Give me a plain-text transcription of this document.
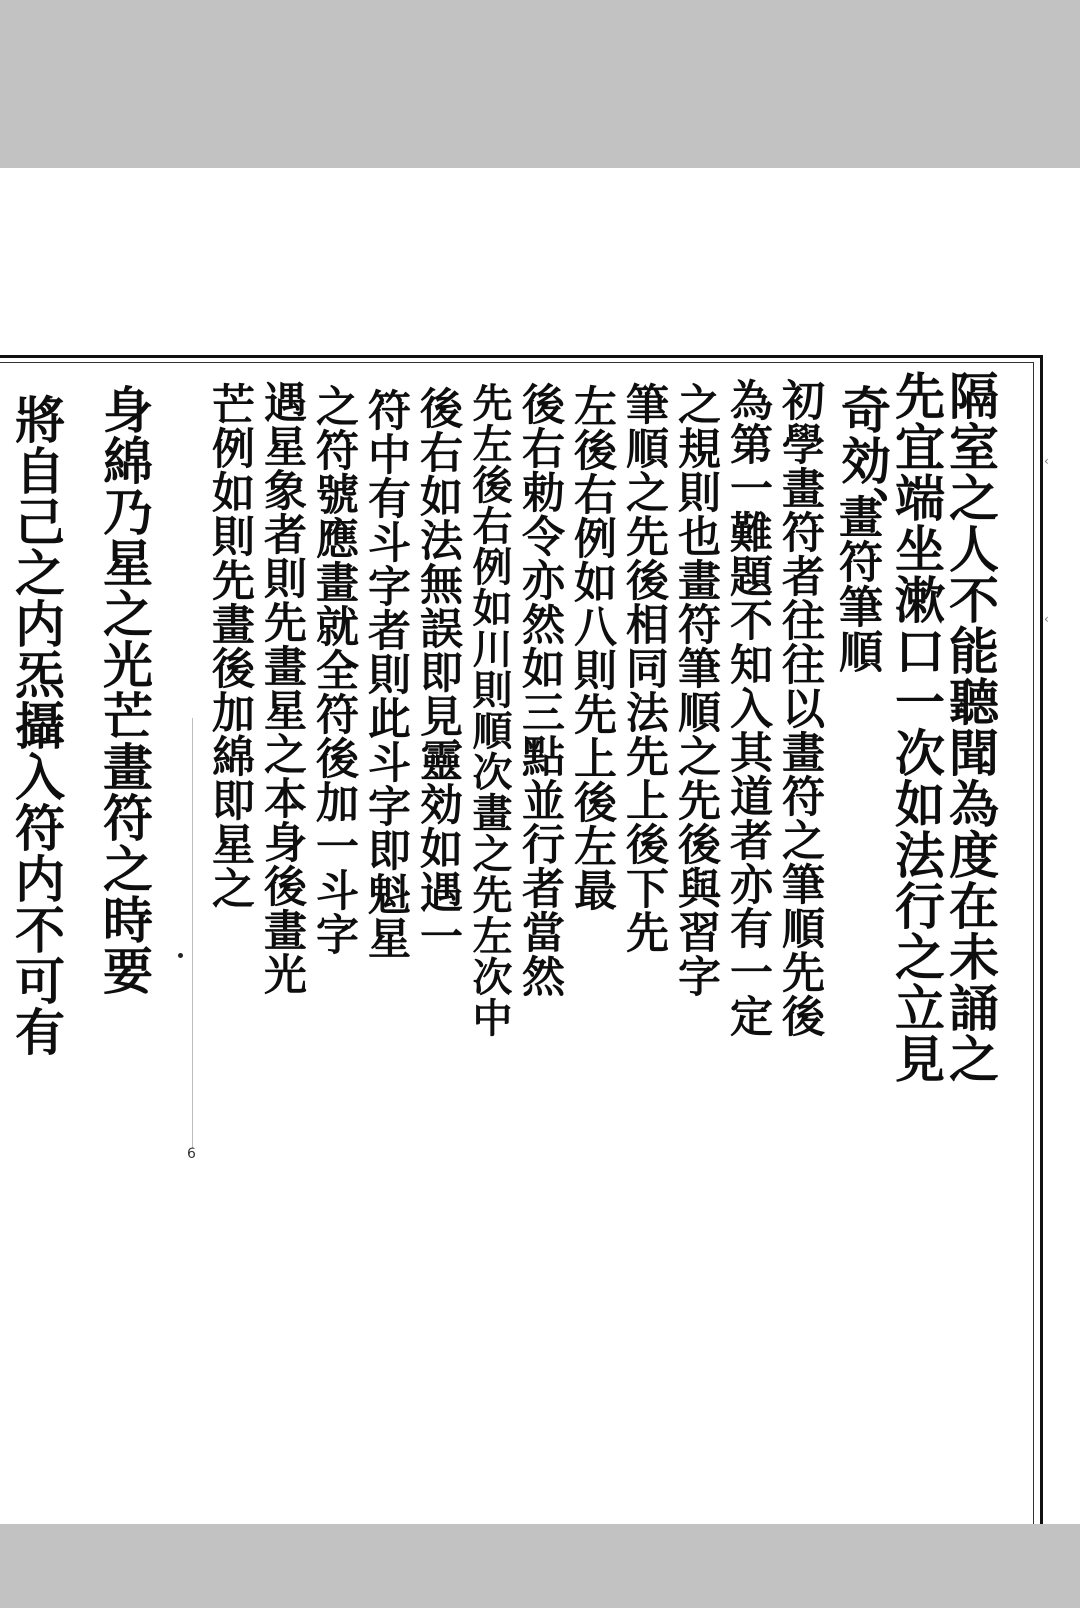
‹
‹
6
隔室之人不能聽聞為度在未誦之
先宜端坐漱口一次如法行之立見
奇効、
畫符筆順
初學畫符者往往以畫符之筆順先後
為第一難題不知入其道者亦有一定
之規則也畫符筆順之先後與習字
筆順之先後相同法先上後下先
左後右例如八則先上後左最
後右勅令亦然如三點並行者當然
先左後右例如川則順次畫之先左次中
後右如法無誤即見靈効如遇一
符中有斗字者則此斗字即魁星
之符號應畫就全符後加一斗字
遇星象者則先畫星之本身後畫光
芒例如則先畫後加綿即星之
身綿乃星之光芒畫符之時要
將自己之内炁攝入符内不可有
